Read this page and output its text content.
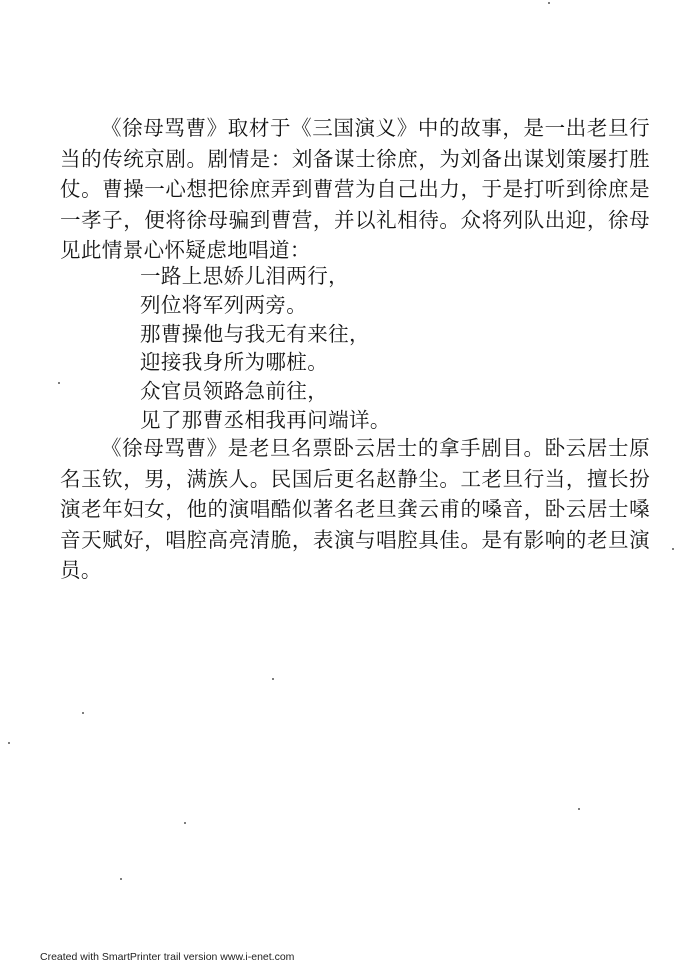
《徐母骂曹》取材于《三国演义》中的故事，是一出老旦行当的传统京剧。剧情是：刘备谋士徐庶，为刘备出谋划策屡打胜仗。曹操一心想把徐庶弄到曹营为自己出力，于是打听到徐庶是一孝子，便将徐母骗到曹营，并以礼相待。众将列队出迎，徐母见此情景心怀疑虑地唱道：

一路上思娇儿泪两行，
列位将军列两旁。
那曹操他与我无有来往，
迎接我身所为哪桩。
众官员领路急前往，
见了那曹丞相我再问端详。

《徐母骂曹》是老旦名票卧云居士的拿手剧目。卧云居士原名玉钦，男，满族人。民国后更名赵静尘。工老旦行当，擅长扮演老年妇女，他的演唱酷似著名老旦龚云甫的嗓音，卧云居士嗓音天赋好，唱腔高亮清脆，表演与唱腔具佳。是有影响的老旦演员。

Created with SmartPrinter trail version www.i-enet.com
